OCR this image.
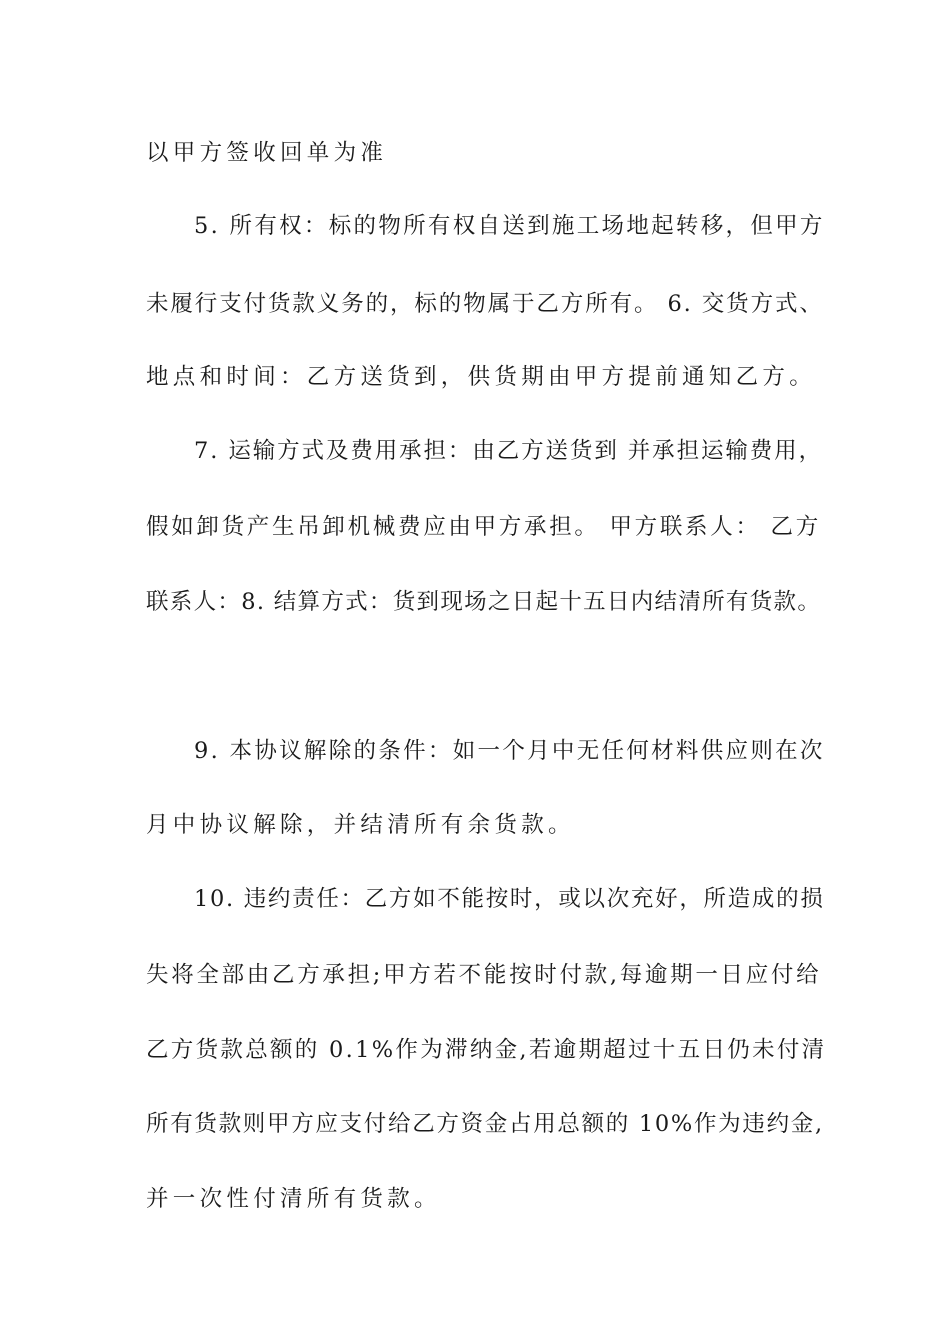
以甲方签收回单为准
5. 所有权：标的物所有权自送到施工场地起转移，但甲方
未履行支付货款义务的，标的物属于乙方所有。 6. 交货方式、
地点和时间：乙方送货到，供货期由甲方提前通知乙方。
7. 运输方式及费用承担：由乙方送货到 并承担运输费用，
假如卸货产生吊卸机械费应由甲方承担。 甲方联系人： 乙方
联系人：8. 结算方式：货到现场之日起十五日内结清所有货款。
9. 本协议解除的条件：如一个月中无任何材料供应则在次
月中协议解除，并结清所有余货款。
10. 违约责任：乙方如不能按时，或以次充好，所造成的损
失将全部由乙方承担;甲方若不能按时付款,每逾期一日应付给
乙方货款总额的 0.1%作为滞纳金,若逾期超过十五日仍未付清
所有货款则甲方应支付给乙方资金占用总额的 10%作为违约金,
并一次性付清所有货款。
